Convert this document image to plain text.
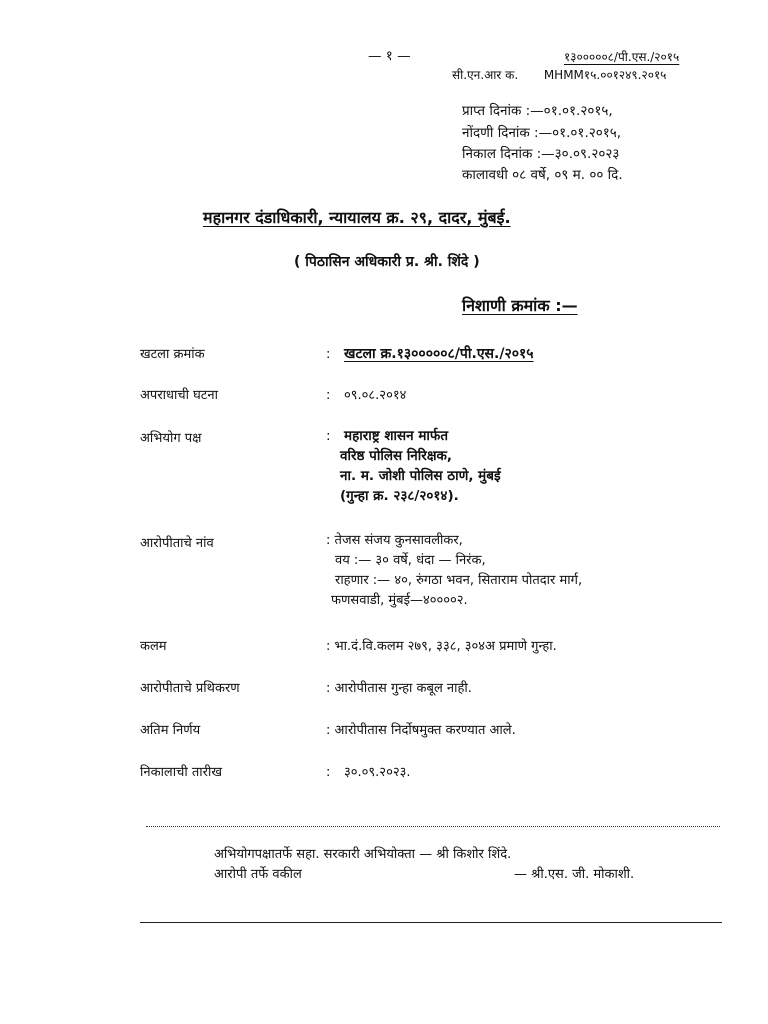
— १ —	१३०००००८/पी.एस./२०१५
सी.एन.आर क. MHMM१५.००१२४९.२०१५
प्राप्त दिनांक :—०१.०१.२०१५,
नोंदणी दिनांक :—०१.०१.२०१५,
निकाल दिनांक :—३०.०९.२०२३
कालावधी ०८ वर्षे, ०९ म. ०० दि.
महानगर दंडाधिकारी, न्यायालय क्र. २९, दादर, मुंबई.
( पिठासिन अधिकारी प्र. श्री. शिंदे )
निशाणी क्रमांक :—
खटला क्रमांक	: खटला क्र.१३०००००८/पी.एस./२०१५
अपराधाची घटना	: ०९.०८.२०१४
अभियोग पक्ष	: महाराष्ट्र शासन मार्फत
वरिष्ठ पोलिस निरिक्षक,
ना. म. जोशी पोलिस ठाणे, मुंबई
(गुन्हा क्र. २३८/२०१४).
आरोपीताचे नांव	: तेजस संजय कुनसावलीकर,
वय :— ३० वर्षे, धंदा — निरंक,
राहणार :— ४०, रुंगठा भवन, सिताराम पोतदार मार्ग,
फणसवाडी, मुंबई—४००००२.
कलम	: भा.दं.वि.कलम २७९, ३३८, ३०४अ प्रमाणे गुन्हा.
आरोपीताचे प्रथिकरण	: आरोपीतास गुन्हा कबूल नाही.
अतिम निर्णय	: आरोपीतास निर्दोषमुक्त करण्यात आले.
निकालाची तारीख	: ३०.०९.२०२३.
अभियोगपक्षातर्फे सहा. सरकारी अभियोक्ता — श्री किशोर शिंदे.
आरोपी तर्फे वकील	— श्री.एस. जी. मोकाशी.
